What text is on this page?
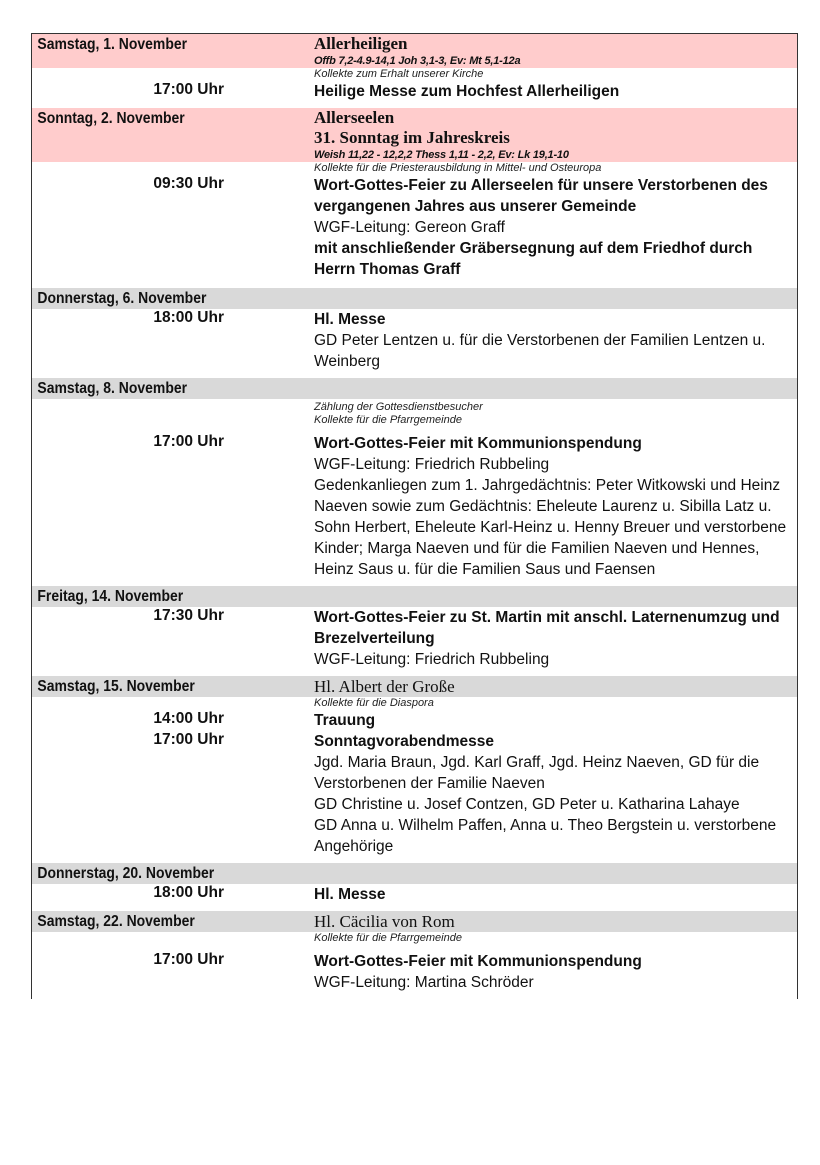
Samstag, 1. November	Allerheiligen
Offb 7,2-4.9-14,1 Joh 3,1-3, Ev: Mt 5,1-12a
Kollekte zum Erhalt unserer Kirche
17:00 Uhr	Heilige Messe zum Hochfest Allerheiligen
Sonntag, 2. November	Allerseelen
31. Sonntag im Jahreskreis
Weish 11,22 - 12,2,2 Thess 1,11 - 2,2, Ev: Lk 19,1-10
Kollekte für die Priesterausbildung in Mittel- und Osteuropa
09:30 Uhr	Wort-Gottes-Feier zu Allerseelen für unsere Verstorbenen des vergangenen Jahres aus unserer Gemeinde
WGF-Leitung: Gereon Graff
mit anschließender Gräbersegnung auf dem Friedhof durch Herrn Thomas Graff
Donnerstag, 6. November
18:00 Uhr	Hl. Messe
GD Peter Lentzen u. für die Verstorbenen der Familien Lentzen u. Weinberg
Samstag, 8. November
Zählung der Gottesdienstbesucher
Kollekte für die Pfarrgemeinde
17:00 Uhr	Wort-Gottes-Feier mit Kommunionspendung
WGF-Leitung: Friedrich Rubbeling
Gedenkanliegen zum 1. Jahrgedächtnis: Peter Witkowski und Heinz Naeven sowie zum Gedächtnis: Eheleute Laurenz u. Sibilla Latz u. Sohn Herbert, Eheleute Karl-Heinz u. Henny Breuer und verstorbene Kinder; Marga Naeven und für die Familien Naeven und Hennes, Heinz Saus u. für die Familien Saus und Faensen
Freitag, 14. November
17:30 Uhr	Wort-Gottes-Feier zu St. Martin mit anschl. Laternenumzug und Brezelverteilung
WGF-Leitung: Friedrich Rubbeling
Samstag, 15. November	Hl. Albert der Große
Kollekte für die Diaspora
14:00 Uhr	Trauung
17:00 Uhr	Sonntagvorabendmesse
Jgd. Maria Braun, Jgd. Karl Graff, Jgd. Heinz Naeven, GD für die Verstorbenen der Familie Naeven
GD Christine u. Josef Contzen, GD Peter u. Katharina Lahaye
GD Anna u. Wilhelm Paffen, Anna u. Theo Bergstein u. verstorbene Angehörige
Donnerstag, 20. November
18:00 Uhr	Hl. Messe
Samstag, 22. November	Hl. Cäcilia von Rom
Kollekte für die Pfarrgemeinde
17:00 Uhr	Wort-Gottes-Feier mit Kommunionspendung
WGF-Leitung: Martina Schröder
